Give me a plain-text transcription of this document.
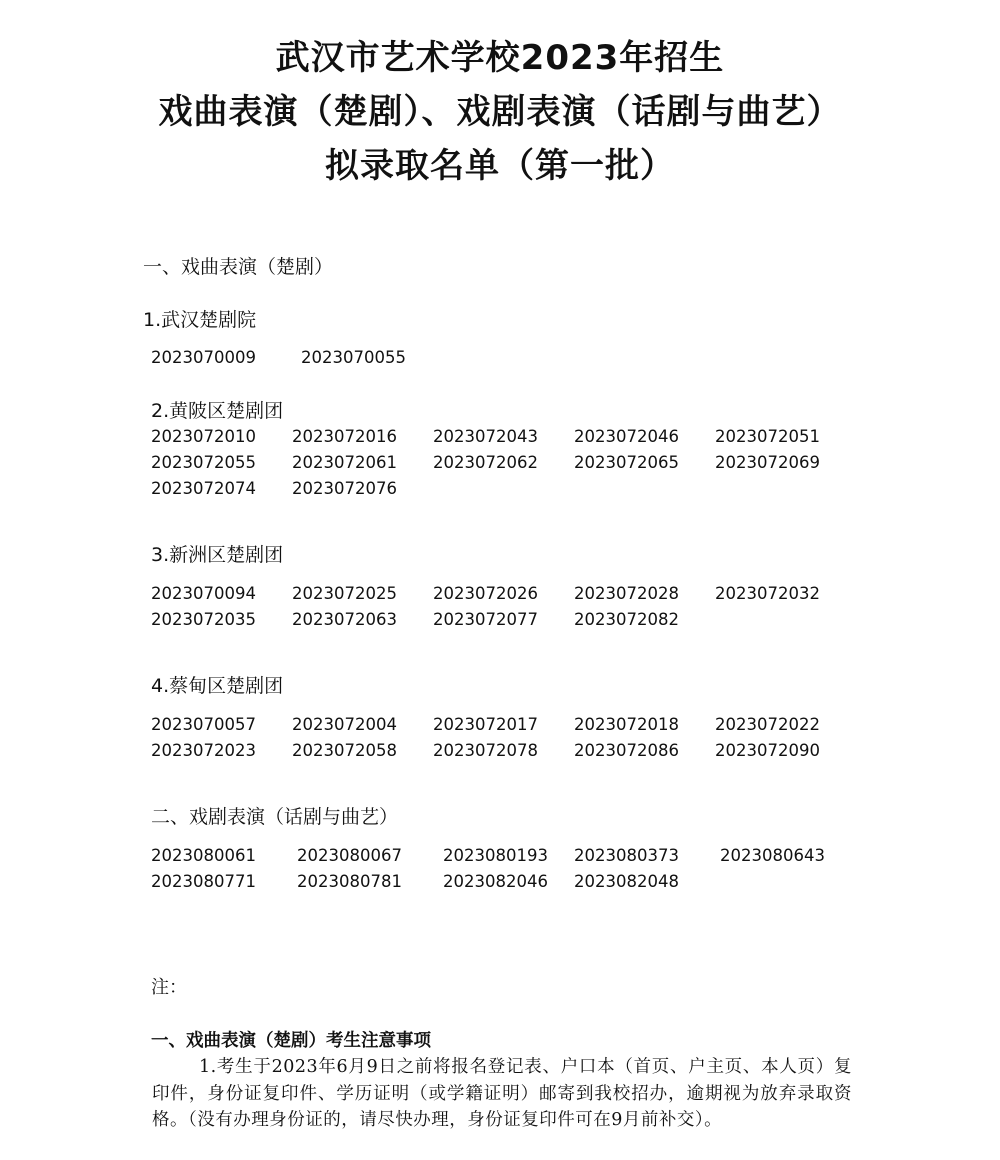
武汉市艺术学校2023年招生
戏曲表演（楚剧）、戏剧表演（话剧与曲艺）
拟录取名单（第一批）
一、戏曲表演（楚剧）
1.武汉楚剧院
2023070009	2023070055
2.黄陂区楚剧团
2023072010 2023072016 2023072043 2023072046 2023072051
2023072055 2023072061 2023072062 2023072065 2023072069
2023072074 2023072076
3.新洲区楚剧团
2023070094 2023072025 2023072026 2023072028 2023072032
2023072035 2023072063 2023072077 2023072082
4.蔡甸区楚剧团
2023070057 2023072004 2023072017 2023072018 2023072022
2023072023 2023072058 2023072078 2023072086 2023072090
二、戏剧表演（话剧与曲艺）
2023080061 2023080067 2023080193 2023080373 2023080643
2023080771 2023080781 2023082046 2023082048
注：
一、戏曲表演（楚剧）考生注意事项
1.考生于2023年6月9日之前将报名登记表、户口本（首页、户主页、本人页）复印件，身份证复印件、学历证明（或学籍证明）邮寄到我校招办，逾期视为放弃录取资格。（没有办理身份证的，请尽快办理，身份证复印件可在9月前补交）。
